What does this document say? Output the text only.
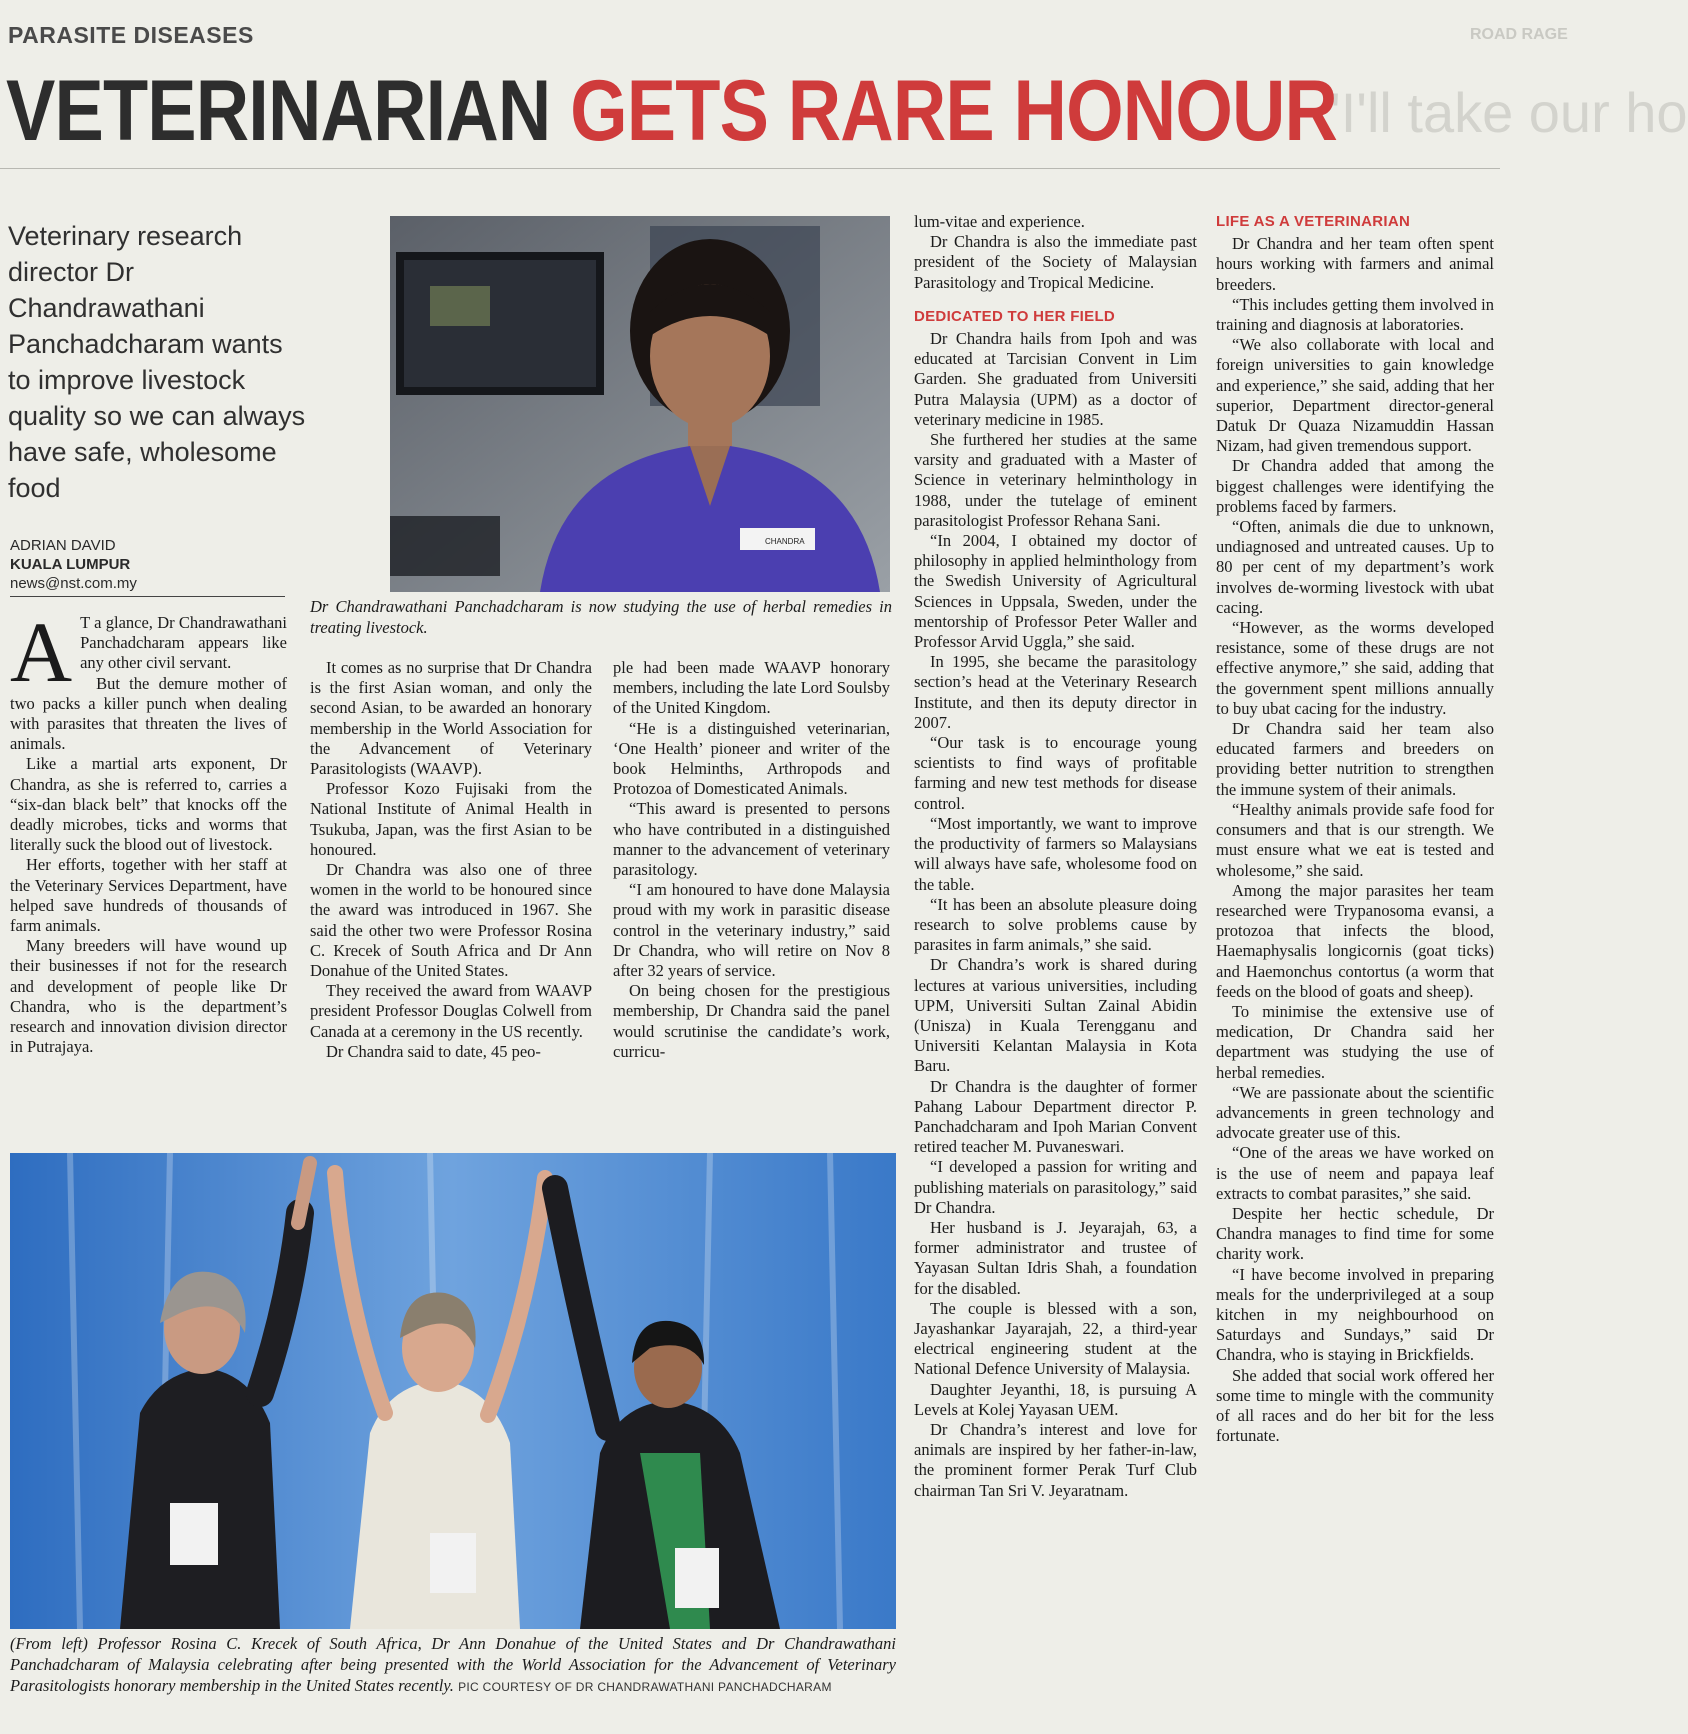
PARASITE DISEASES	ROAD RAGE
'I'll take our ho
VETERINARIAN GETS RARE HONOUR
Veterinary research director Dr Chandrawathani Panchadcharam wants to improve livestock quality so we can always have safe, wholesome food
ADRIAN DAVID
KUALA LUMPUR
news@nst.com.my
CHANDRA
Dr Chandrawathani Panchadcharam is now studying the use of herbal remedies in treating livestock.

A T a glance, Dr Chandrawathani Panchadcharam appears like any other civil servant.

But the demure mother of two packs a killer punch when dealing with parasites that threaten the lives of animals.

Like a martial arts exponent, Dr Chandra, as she is referred to, carries a “six-dan black belt” that knocks off the deadly microbes, ticks and worms that literally suck the blood out of livestock.

Her efforts, together with her staff at the Veterinary Services Department, have helped save hundreds of thousands of farm animals.

Many breeders will have wound up their businesses if not for the research and development of people like Dr Chandra, who is the department’s research and innovation division director in Putrajaya.

It comes as no surprise that Dr Chandra is the first Asian woman, and only the second Asian, to be awarded an honorary membership in the World Association for the Advancement of Veterinary Parasitologists (WAAVP).

Professor Kozo Fujisaki from the National Institute of Animal Health in Tsukuba, Japan, was the first Asian to be honoured.

Dr Chandra was also one of three women in the world to be honoured since the award was introduced in 1967. She said the other two were Professor Rosina C. Krecek of South Africa and Dr Ann Donahue of the United States.

They received the award from WAAVP president Professor Douglas Colwell from Canada at a ceremony in the US recently.

Dr Chandra said to date, 45 peo-

ple had been made WAAVP honorary members, including the late Lord Soulsby of the United Kingdom.

“He is a distinguished veterinarian, ‘One Health’ pioneer and writer of the book Helminths, Arthropods and Protozoa of Domesticated Animals.

“This award is presented to persons who have contributed in a distinguished manner to the advancement of veterinary parasitology.

“I am honoured to have done Malaysia proud with my work in parasitic disease control in the veterinary industry,” said Dr Chandra, who will retire on Nov 8 after 32 years of service.

On being chosen for the prestigious membership, Dr Chandra said the panel would scrutinise the candidate’s work, curricu-

lum-vitae and experience.

Dr Chandra is also the immediate past president of the Society of Malaysian Parasitology and Tropical Medicine.

DEDICATED TO HER FIELD

Dr Chandra hails from Ipoh and was educated at Tarcisian Convent in Lim Garden. She graduated from Universiti Putra Malaysia (UPM) as a doctor of veterinary medicine in 1985.

She furthered her studies at the same varsity and graduated with a Master of Science in veterinary helminthology in 1988, under the tutelage of eminent parasitologist Professor Rehana Sani.

“In 2004, I obtained my doctor of philosophy in applied helminthology from the Swedish University of Agricultural Sciences in Uppsala, Sweden, under the mentorship of Professor Peter Waller and Professor Arvid Uggla,” she said.

In 1995, she became the parasitology section’s head at the Veterinary Research Institute, and then its deputy director in 2007.

“Our task is to encourage young scientists to find ways of profitable farming and new test methods for disease control.

“Most importantly, we want to improve the productivity of farmers so Malaysians will always have safe, wholesome food on the table.

“It has been an absolute pleasure doing research to solve problems cause by parasites in farm animals,” she said.

Dr Chandra’s work is shared during lectures at various universities, including UPM, Universiti Sultan Zainal Abidin (Unisza) in Kuala Terengganu and Universiti Kelantan Malaysia in Kota Baru.

Dr Chandra is the daughter of former Pahang Labour Department director P. Panchadcharam and Ipoh Marian Convent retired teacher M. Puvaneswari.

“I developed a passion for writing and publishing materials on parasitology,” said Dr Chandra.

Her husband is J. Jeyarajah, 63, a former administrator and trustee of Yayasan Sultan Idris Shah, a foundation for the disabled.

The couple is blessed with a son, Jayashankar Jayarajah, 22, a third-year electrical engineering student at the National Defence University of Malaysia.

Daughter Jeyanthi, 18, is pursuing A Levels at Kolej Yayasan UEM.

Dr Chandra’s interest and love for animals are inspired by her father-in-law, the prominent former Perak Turf Club chairman Tan Sri V. Jeyaratnam.

LIFE AS A VETERINARIAN

Dr Chandra and her team often spent hours working with farmers and animal breeders.

“This includes getting them involved in training and diagnosis at laboratories.

“We also collaborate with local and foreign universities to gain knowledge and experience,” she said, adding that her superior, Department director-general Datuk Dr Quaza Nizamuddin Hassan Nizam, had given tremendous support.

Dr Chandra added that among the biggest challenges were identifying the problems faced by farmers.

“Often, animals die due to unknown, undiagnosed and untreated causes. Up to 80 per cent of my department’s work involves de-worming livestock with ubat cacing.

“However, as the worms developed resistance, some of these drugs are not effective anymore,” she said, adding that the government spent millions annually to buy ubat cacing for the industry.

Dr Chandra said her team also educated farmers and breeders on providing better nutrition to strengthen the immune system of their animals.

“Healthy animals provide safe food for consumers and that is our strength. We must ensure what we eat is tested and wholesome,” she said.

Among the major parasites her team researched were Trypanosoma evansi, a protozoa that infects the blood, Haemaphysalis longicornis (goat ticks) and Haemonchus contortus (a worm that feeds on the blood of goats and sheep).

To minimise the extensive use of medication, Dr Chandra said her department was studying the use of herbal remedies.

“We are passionate about the scientific advancements in green technology and advocate greater use of this.

“One of the areas we have worked on is the use of neem and papaya leaf extracts to combat parasites,” she said.

Despite her hectic schedule, Dr Chandra manages to find time for some charity work.

“I have become involved in preparing meals for the underprivileged at a soup kitchen in my neighbourhood on Saturdays and Sundays,” said Dr Chandra, who is staying in Brickfields.

She added that social work offered her some time to mingle with the community of all races and do her bit for the less fortunate.

(From left) Professor Rosina C. Krecek of South Africa, Dr Ann Donahue of the United States and Dr Chandrawathani Panchadcharam of Malaysia celebrating after being presented with the World Association for the Advancement of Veterinary Parasitologists honorary membership in the United States recently. PIC COURTESY OF DR CHANDRAWATHANI PANCHADCHARAM
